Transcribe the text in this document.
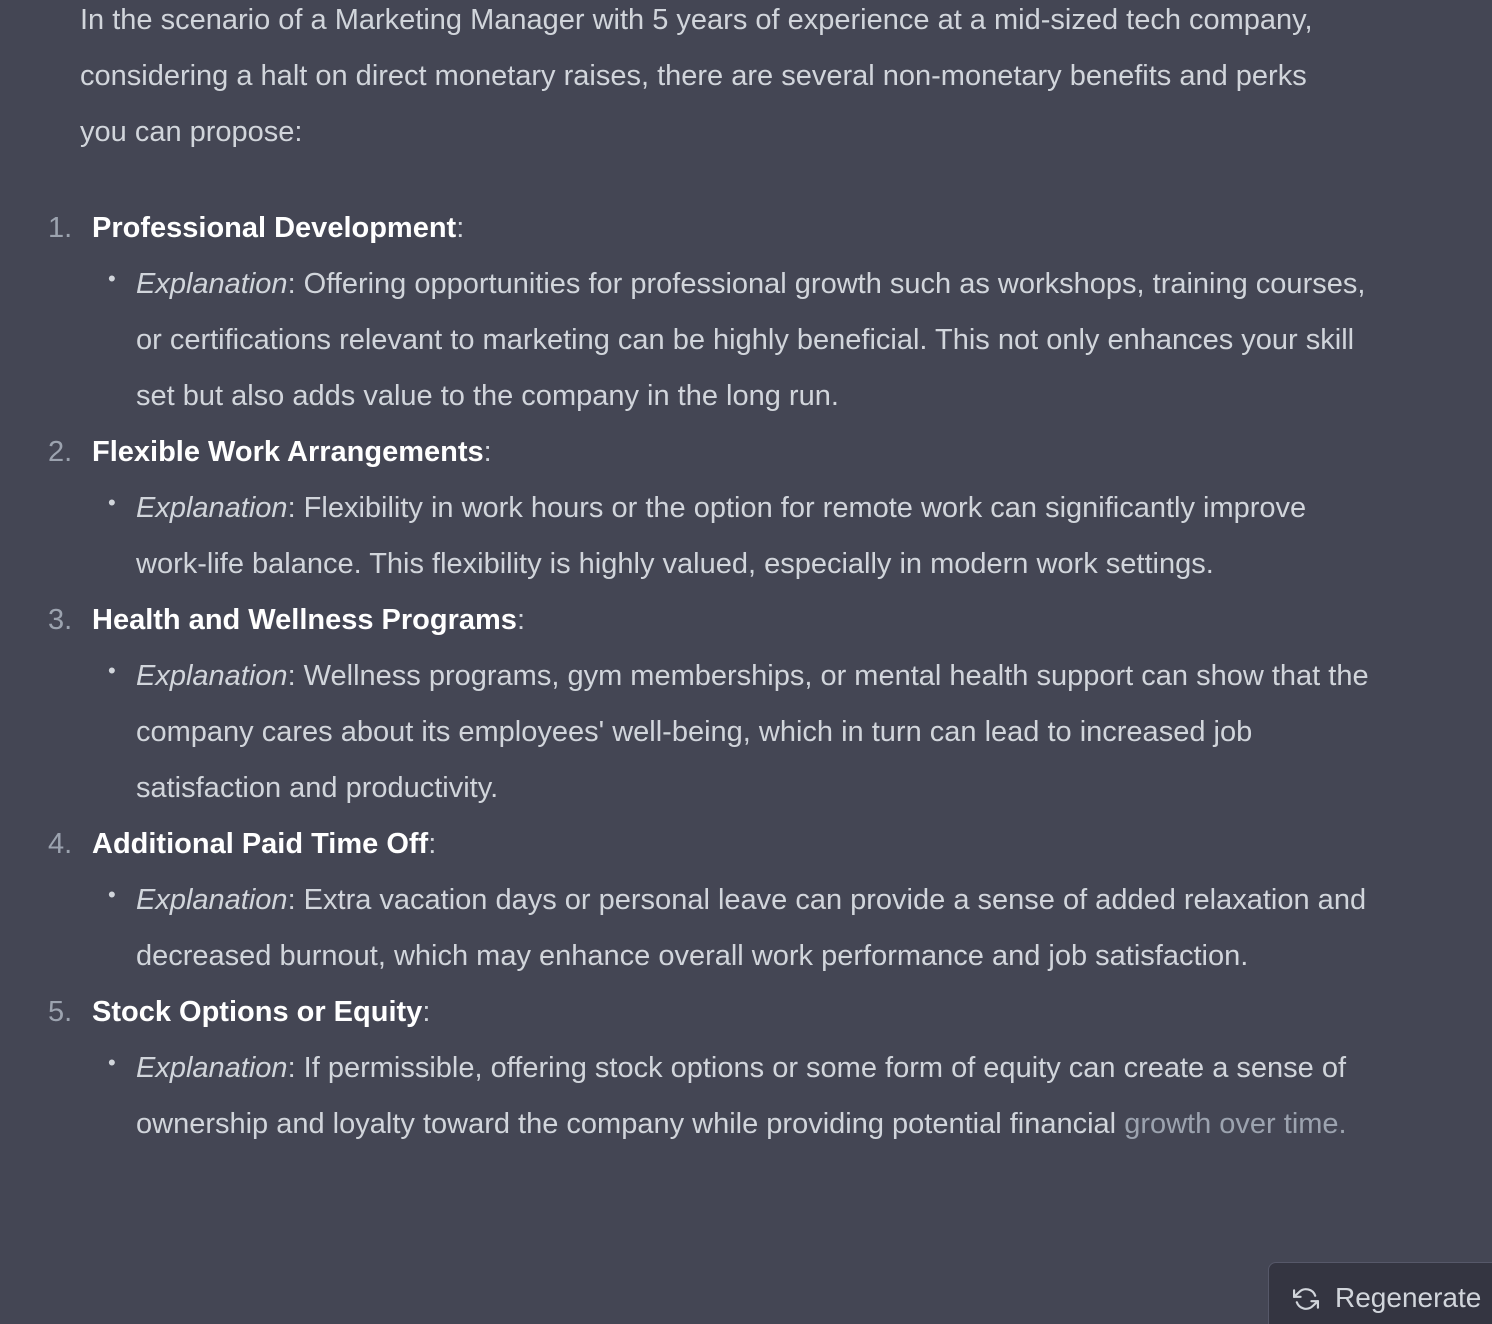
In the scenario of a Marketing Manager with 5 years of experience at a mid-sized tech company, considering a halt on direct monetary raises, there are several non-monetary benefits and perks you can propose:

1. Professional Development:
• Explanation: Offering opportunities for professional growth such as workshops, training courses, or certifications relevant to marketing can be highly beneficial. This not only enhances your skill set but also adds value to the company in the long run.
2. Flexible Work Arrangements:
• Explanation: Flexibility in work hours or the option for remote work can significantly improve work-life balance. This flexibility is highly valued, especially in modern work settings.
3. Health and Wellness Programs:
• Explanation: Wellness programs, gym memberships, or mental health support can show that the company cares about its employees' well-being, which in turn can lead to increased job satisfaction and productivity.
4. Additional Paid Time Off:
• Explanation: Extra vacation days or personal leave can provide a sense of added relaxation and decreased burnout, which may enhance overall work performance and job satisfaction.
5. Stock Options or Equity:
• Explanation: If permissible, offering stock options or some form of equity can create a sense of ownership and loyalty toward the company while providing potential financial growth over time.
Regenerate
